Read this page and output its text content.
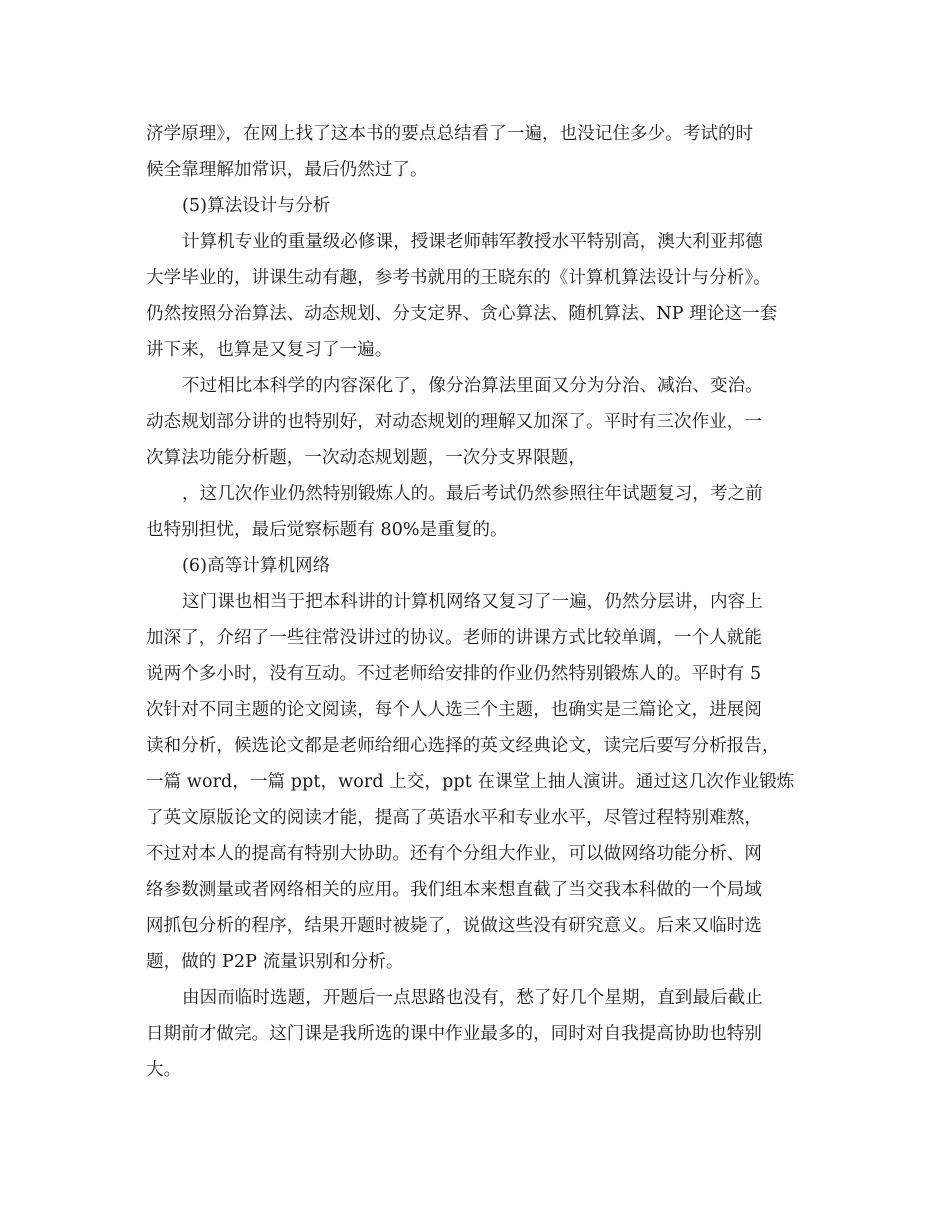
济学原理》，在网上找了这本书的要点总结看了一遍，也没记住多少。考试的时
候全靠理解加常识，最后仍然过了。
(5)算法设计与分析
计算机专业的重量级必修课，授课老师韩军教授水平特别高，澳大利亚邦德
大学毕业的，讲课生动有趣，参考书就用的王晓东的《计算机算法设计与分析》。
仍然按照分治算法、动态规划、分支定界、贪心算法、随机算法、NP 理论这一套
讲下来，也算是又复习了一遍。
不过相比本科学的内容深化了，像分治算法里面又分为分治、减治、变治。
动态规划部分讲的也特别好，对动态规划的理解又加深了。平时有三次作业，一
次算法功能分析题，一次动态规划题，一次分支界限题，
，这几次作业仍然特别锻炼人的。最后考试仍然参照往年试题复习，考之前
也特别担忧，最后觉察标题有 80%是重复的。
(6)高等计算机网络
这门课也相当于把本科讲的计算机网络又复习了一遍，仍然分层讲，内容上
加深了，介绍了一些往常没讲过的协议。老师的讲课方式比较单调，一个人就能
说两个多小时，没有互动。不过老师给安排的作业仍然特别锻炼人的。平时有 5
次针对不同主题的论文阅读，每个人人选三个主题，也确实是三篇论文，进展阅
读和分析，候选论文都是老师给细心选择的英文经典论文，读完后要写分析报告，
一篇 word，一篇 ppt，word 上交，ppt 在课堂上抽人演讲。通过这几次作业锻炼
了英文原版论文的阅读才能，提高了英语水平和专业水平，尽管过程特别难熬，
不过对本人的提高有特别大协助。还有个分组大作业，可以做网络功能分析、网
络参数测量或者网络相关的应用。我们组本来想直截了当交我本科做的一个局域
网抓包分析的程序，结果开题时被毙了，说做这些没有研究意义。后来又临时选
题，做的 P2P 流量识别和分析。
由因而临时选题，开题后一点思路也没有，愁了好几个星期，直到最后截止
日期前才做完。这门课是我所选的课中作业最多的，同时对自我提高协助也特别
大。
